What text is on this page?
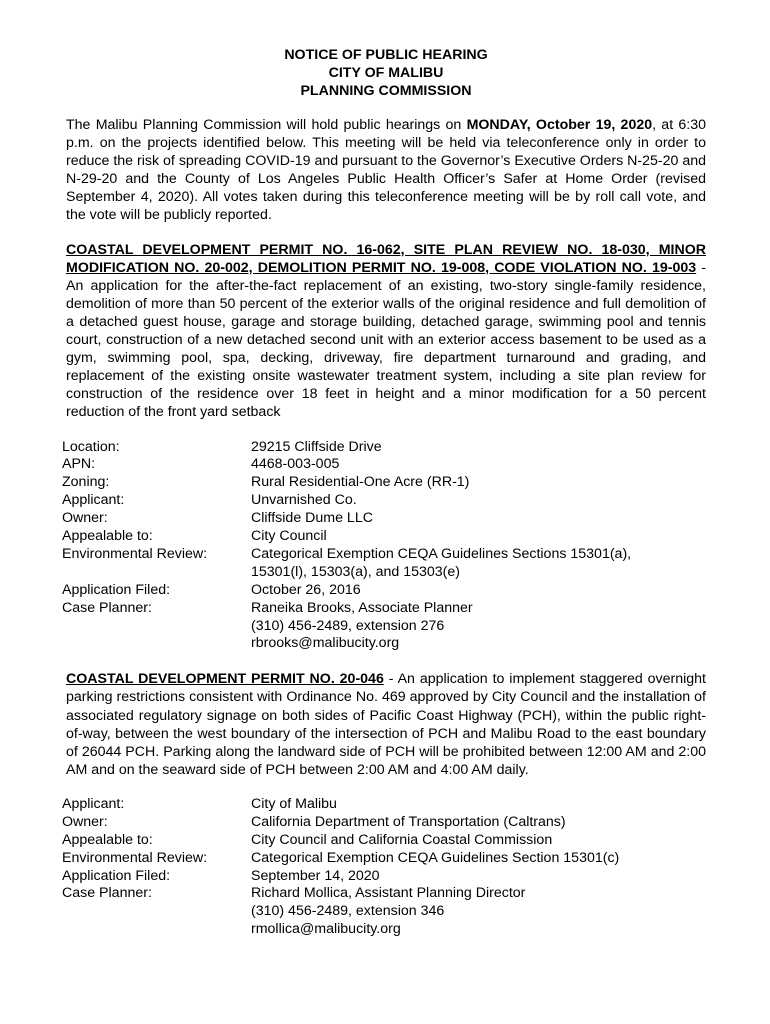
NOTICE OF PUBLIC HEARING
CITY OF MALIBU
PLANNING COMMISSION
The Malibu Planning Commission will hold public hearings on MONDAY, October 19, 2020, at 6:30 p.m. on the projects identified below. This meeting will be held via teleconference only in order to reduce the risk of spreading COVID-19 and pursuant to the Governor’s Executive Orders N-25-20 and N-29-20 and the County of Los Angeles Public Health Officer’s Safer at Home Order (revised September 4, 2020). All votes taken during this teleconference meeting will be by roll call vote, and the vote will be publicly reported.
COASTAL DEVELOPMENT PERMIT NO. 16-062, SITE PLAN REVIEW NO. 18-030, MINOR MODIFICATION NO. 20-002, DEMOLITION PERMIT NO. 19-008, CODE VIOLATION NO. 19-003 - An application for the after-the-fact replacement of an existing, two-story single-family residence, demolition of more than 50 percent of the exterior walls of the original residence and full demolition of a detached guest house, garage and storage building, detached garage, swimming pool and tennis court, construction of a new detached second unit with an exterior access basement to be used as a gym, swimming pool, spa, decking, driveway, fire department turnaround and grading, and replacement of the existing onsite wastewater treatment system, including a site plan review for construction of the residence over 18 feet in height and a minor modification for a 50 percent reduction of the front yard setback
Location:	29215 Cliffside Drive
APN:	4468-003-005
Zoning:	Rural Residential-One Acre (RR-1)
Applicant:	Unvarnished Co.
Owner:	Cliffside Dume LLC
Appealable to:	City Council
Environmental Review:	Categorical Exemption CEQA Guidelines Sections 15301(a),
15301(l), 15303(a), and 15303(e)
Application Filed:	October 26, 2016
Case Planner:	Raneika Brooks, Associate Planner
(310) 456-2489, extension 276
rbrooks@malibucity.org
COASTAL DEVELOPMENT PERMIT NO. 20-046 - An application to implement staggered overnight parking restrictions consistent with Ordinance No. 469 approved by City Council and the installation of associated regulatory signage on both sides of Pacific Coast Highway (PCH), within the public right-of-way, between the west boundary of the intersection of PCH and Malibu Road to the east boundary of 26044 PCH. Parking along the landward side of PCH will be prohibited between 12:00 AM and 2:00 AM and on the seaward side of PCH between 2:00 AM and 4:00 AM daily.
Applicant:	City of Malibu
Owner:	California Department of Transportation (Caltrans)
Appealable to:	City Council and California Coastal Commission
Environmental Review:	Categorical Exemption CEQA Guidelines Section 15301(c)
Application Filed:	September 14, 2020
Case Planner:	Richard Mollica, Assistant Planning Director
(310) 456-2489, extension 346
rmollica@malibucity.org
